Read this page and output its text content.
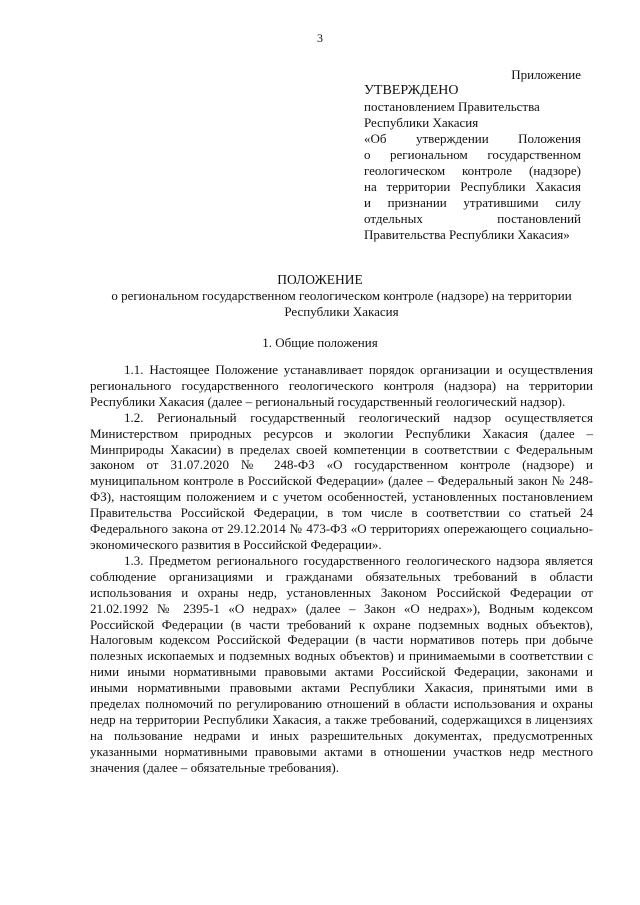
3
Приложение

УТВЕРЖДЕНО

постановлением Правительства

Республики Хакасия

«Об утверждении Положения

о региональном государственном

геологическом контроле (надзоре)

на территории Республики Хакасия

и признании утратившими силу

отдельных постановлений

Правительства Республики Хакасия»

ПОЛОЖЕНИЕ

о региональном государственном геологическом контроле (надзоре) на территории Республики Хакасия

1. Общие положения

1.1. Настоящее Положение устанавливает порядок организации и осуществления регионального государственного геологического контроля (надзора) на территории Республики Хакасия (далее – региональный государственный геологический надзор).

1.2. Региональный государственный геологический надзор осуществляется Министерством природных ресурсов и экологии Республики Хакасия (далее – Минприроды Хакасии) в пределах своей компетенции в соответствии с Федеральным законом от 31.07.2020 № 248-ФЗ «О государственном контроле (надзоре) и муниципальном контроле в Российской Федерации» (далее – Федеральный закон № 248-ФЗ), настоящим положением и с учетом особенностей, установленных постановлением Правительства Российской Федерации, в том числе в соответствии со статьей 24 Федерального закона от 29.12.2014 № 473-ФЗ «О территориях опережающего социально-экономического развития в Российской Федерации».

1.3. Предметом регионального государственного геологического надзора является соблюдение организациями и гражданами обязательных требований в области использования и охраны недр, установленных Законом Российской Федерации от 21.02.1992 № 2395-1 «О недрах» (далее – Закон «О недрах»), Водным кодексом Российской Федерации (в части требований к охране подземных водных объектов), Налоговым кодексом Российской Федерации (в части нормативов потерь при добыче полезных ископаемых и подземных водных объектов) и принимаемыми в соответствии с ними иными нормативными правовыми актами Российской Федерации, законами и иными нормативными правовыми актами Республики Хакасия, принятыми ими в пределах полномочий по регулированию отношений в области использования и охраны недр на территории Республики Хакасия, а также требований, содержащихся в лицензиях на пользование недрами и иных разрешительных документах, предусмотренных указанными нормативными правовыми актами в отношении участков недр местного значения (далее – обязательные требования).
